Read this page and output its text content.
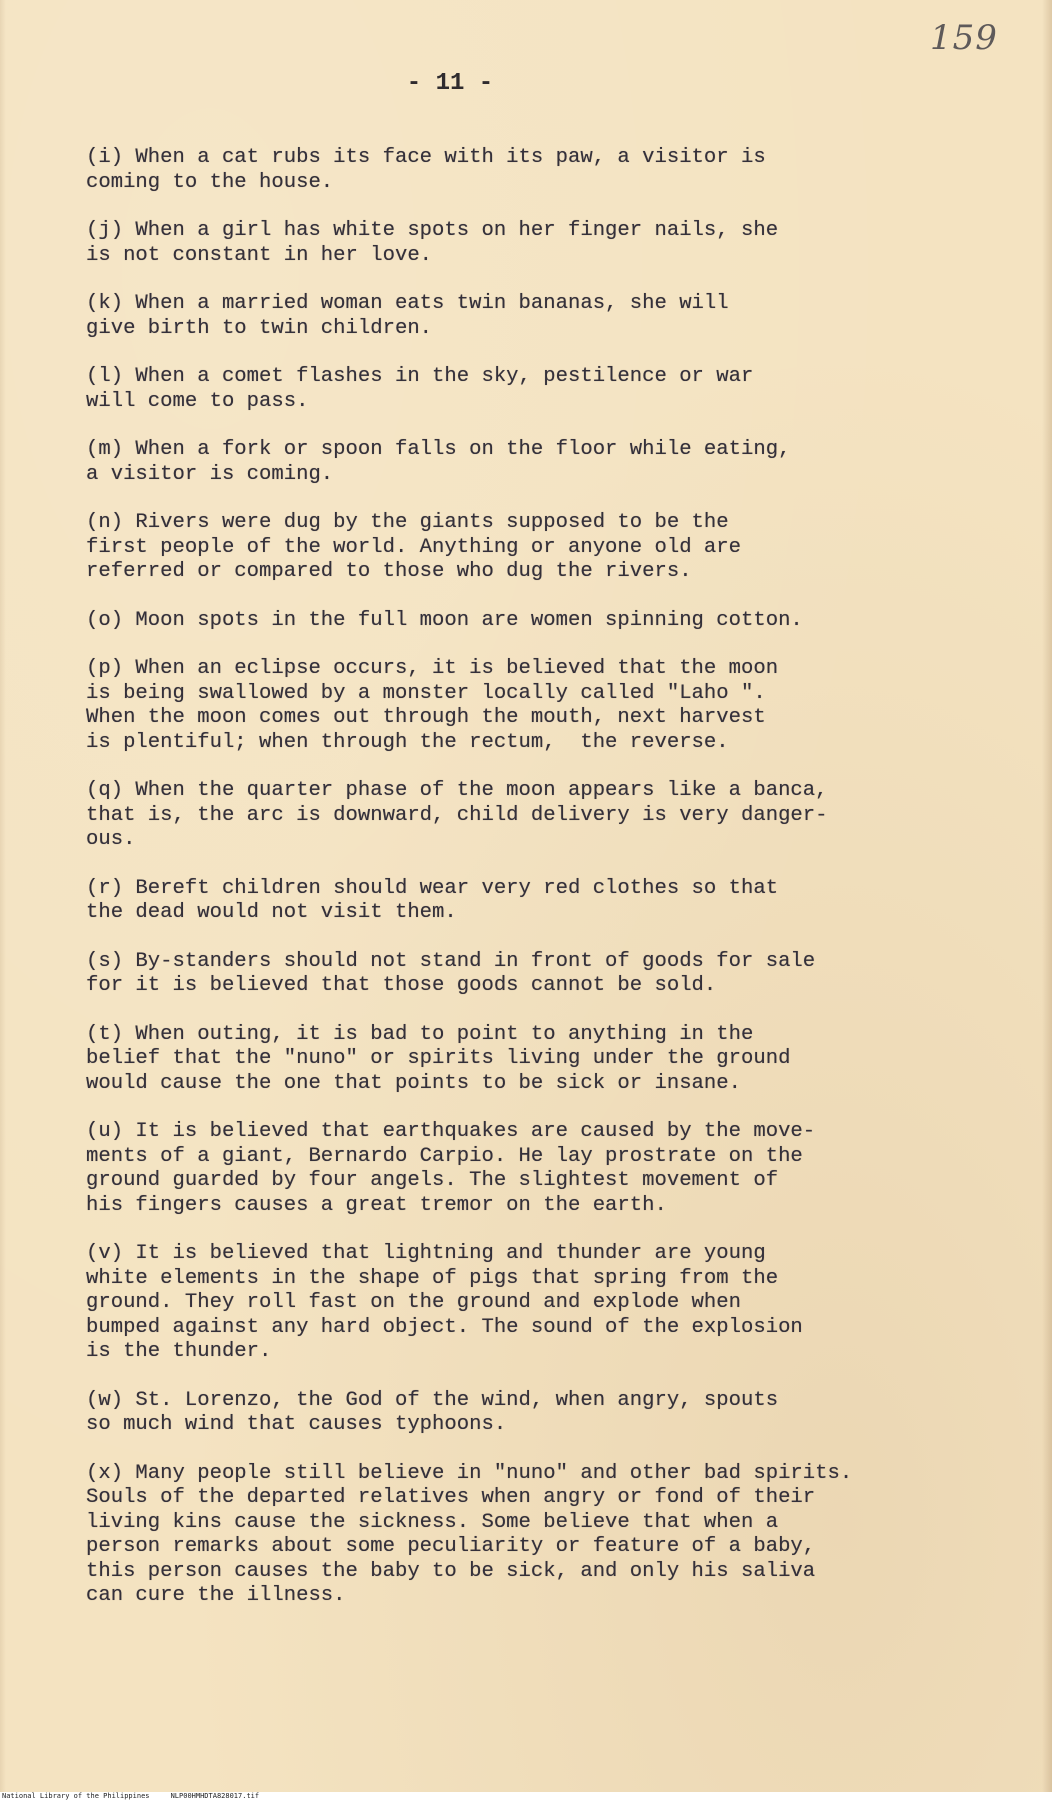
159
- 11 -
(i) When a cat rubs its face with its paw, a visitor is
coming to the house.
(j) When a girl has white spots on her finger nails, she
is not constant in her love.
(k) When a married woman eats twin bananas, she will
give birth to twin children.
(l) When a comet flashes in the sky, pestilence or war
will come to pass.
(m) When a fork or spoon falls on the floor while eating,
a visitor is coming.
(n) Rivers were dug by the giants supposed to be the
first people of the world. Anything or anyone old are
referred or compared to those who dug the rivers.
(o) Moon spots in the full moon are women spinning cotton.
(p) When an eclipse occurs, it is believed that the moon
is being swallowed by a monster locally called "Laho ".
When the moon comes out through the mouth, next harvest
is plentiful; when through the rectum,  the reverse.
(q) When the quarter phase of the moon appears like a banca,
that is, the arc is downward, child delivery is very danger-
ous.
(r) Bereft children should wear very red clothes so that
the dead would not visit them.
(s) By-standers should not stand in front of goods for sale
for it is believed that those goods cannot be sold.
(t) When outing, it is bad to point to anything in the
belief that the "nuno" or spirits living under the ground
would cause the one that points to be sick or insane.
(u) It is believed that earthquakes are caused by the move-
ments of a giant, Bernardo Carpio. He lay prostrate on the
ground guarded by four angels. The slightest movement of
his fingers causes a great tremor on the earth.
(v) It is believed that lightning and thunder are young
white elements in the shape of pigs that spring from the
ground. They roll fast on the ground and explode when
bumped against any hard object. The sound of the explosion
is the thunder.
(w) St. Lorenzo, the God of the wind, when angry, spouts
so much wind that causes typhoons.
(x) Many people still believe in "nuno" and other bad spirits.
Souls of the departed relatives when angry or fond of their
living kins cause the sickness. Some believe that when a
person remarks about some peculiarity or feature of a baby,
this person causes the baby to be sick, and only his saliva
can cure the illness.
National Library of the Philippines	NLP00HMHDTA828017.tif
